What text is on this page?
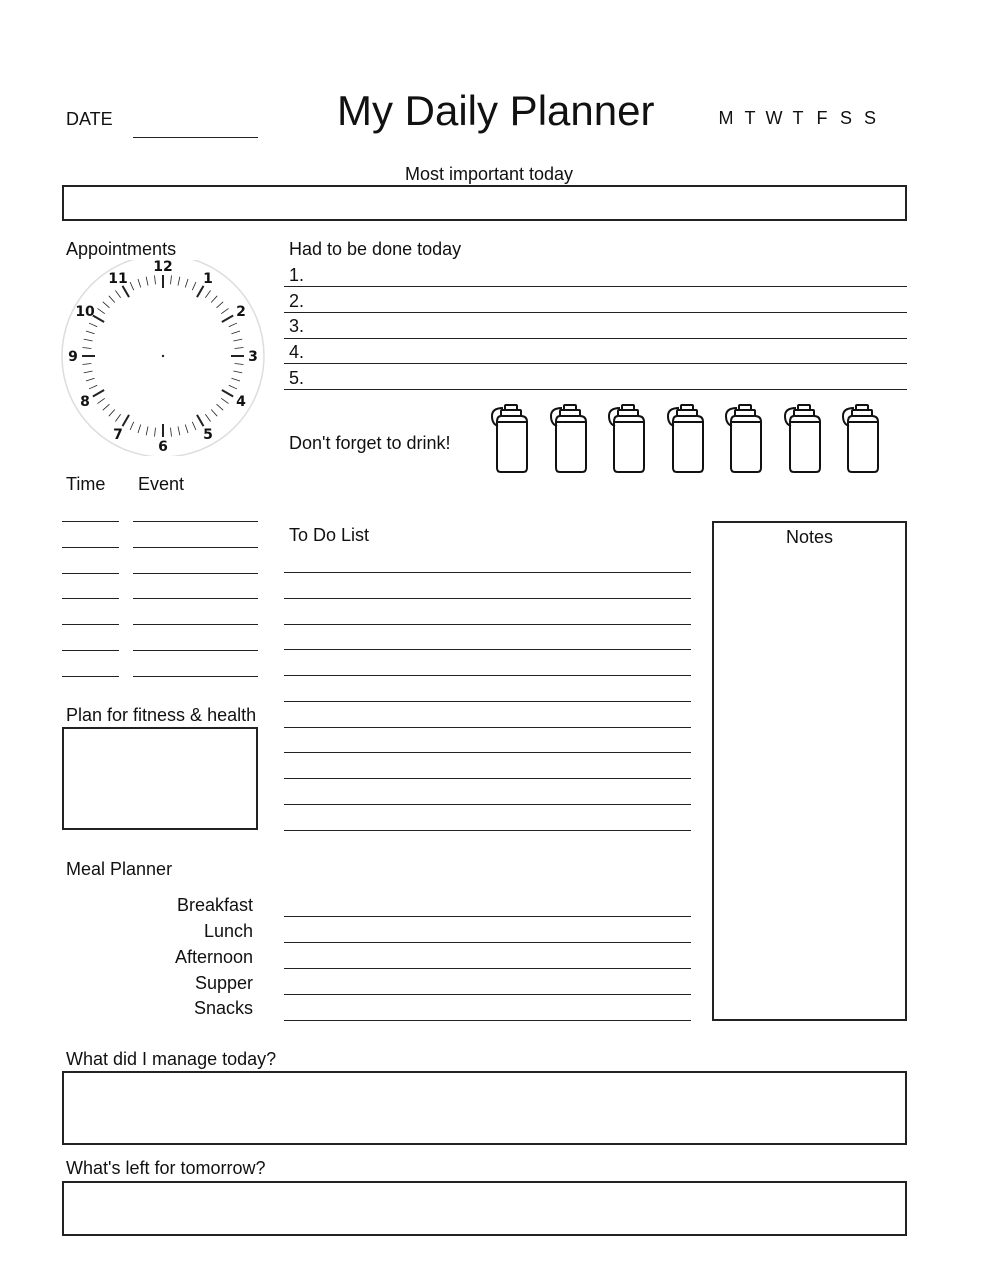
DATE	My Daily Planner	M T W T F S S
Most important today
Appointments
12
1
2
3
4
5
6
7
8
9
10
11
Had to be done today
1.
2.
3.
4.
5.
Don't forget to drink!
Time Event
To Do List	Notes
Plan for fitness & health
Meal Planner
Breakfast
Lunch
Afternoon
Supper
Snacks
What did I manage today?
What's left for tomorrow?
